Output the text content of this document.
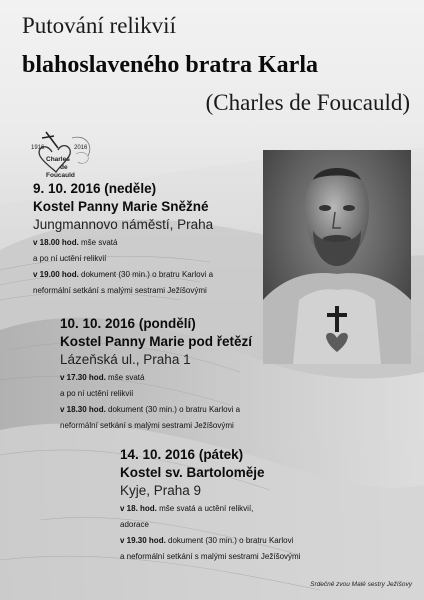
Putování relikvií
blahoslaveného bratra Karla
(Charles de Foucauld)
1916	2016
Charles
de
Foucauld
9. 10. 2016 (neděle)
Kostel Panny Marie Sněžné
Jungmannovo náměstí, Praha
v 18.00 hod. mše svatá
a po ní uctění relikvií
v 19.00 hod. dokument (30 min.) o bratru Karlovi a
neformální setkání s malými sestrami Ježíšovými
10. 10. 2016 (pondělí)
Kostel Panny Marie pod řetězí
Lázeňská ul., Praha 1
v 17.30 hod. mše svatá
a po ní uctění relikvií
v 18.30 hod. dokument (30 min.) o bratru Karlovi a
neformální setkání s malými sestrami Ježíšovými
14. 10. 2016 (pátek)
Kostel sv. Bartoloměje
Kyje, Praha 9
v 18. hod. mše svatá a uctění relikvií,
adorace
v 19.30 hod. dokument (30 min.) o bratru Karlovi
a neformální setkání s malými sestrami Ježíšovými
Srdečně zvou Malé sestry Ježíšovy
